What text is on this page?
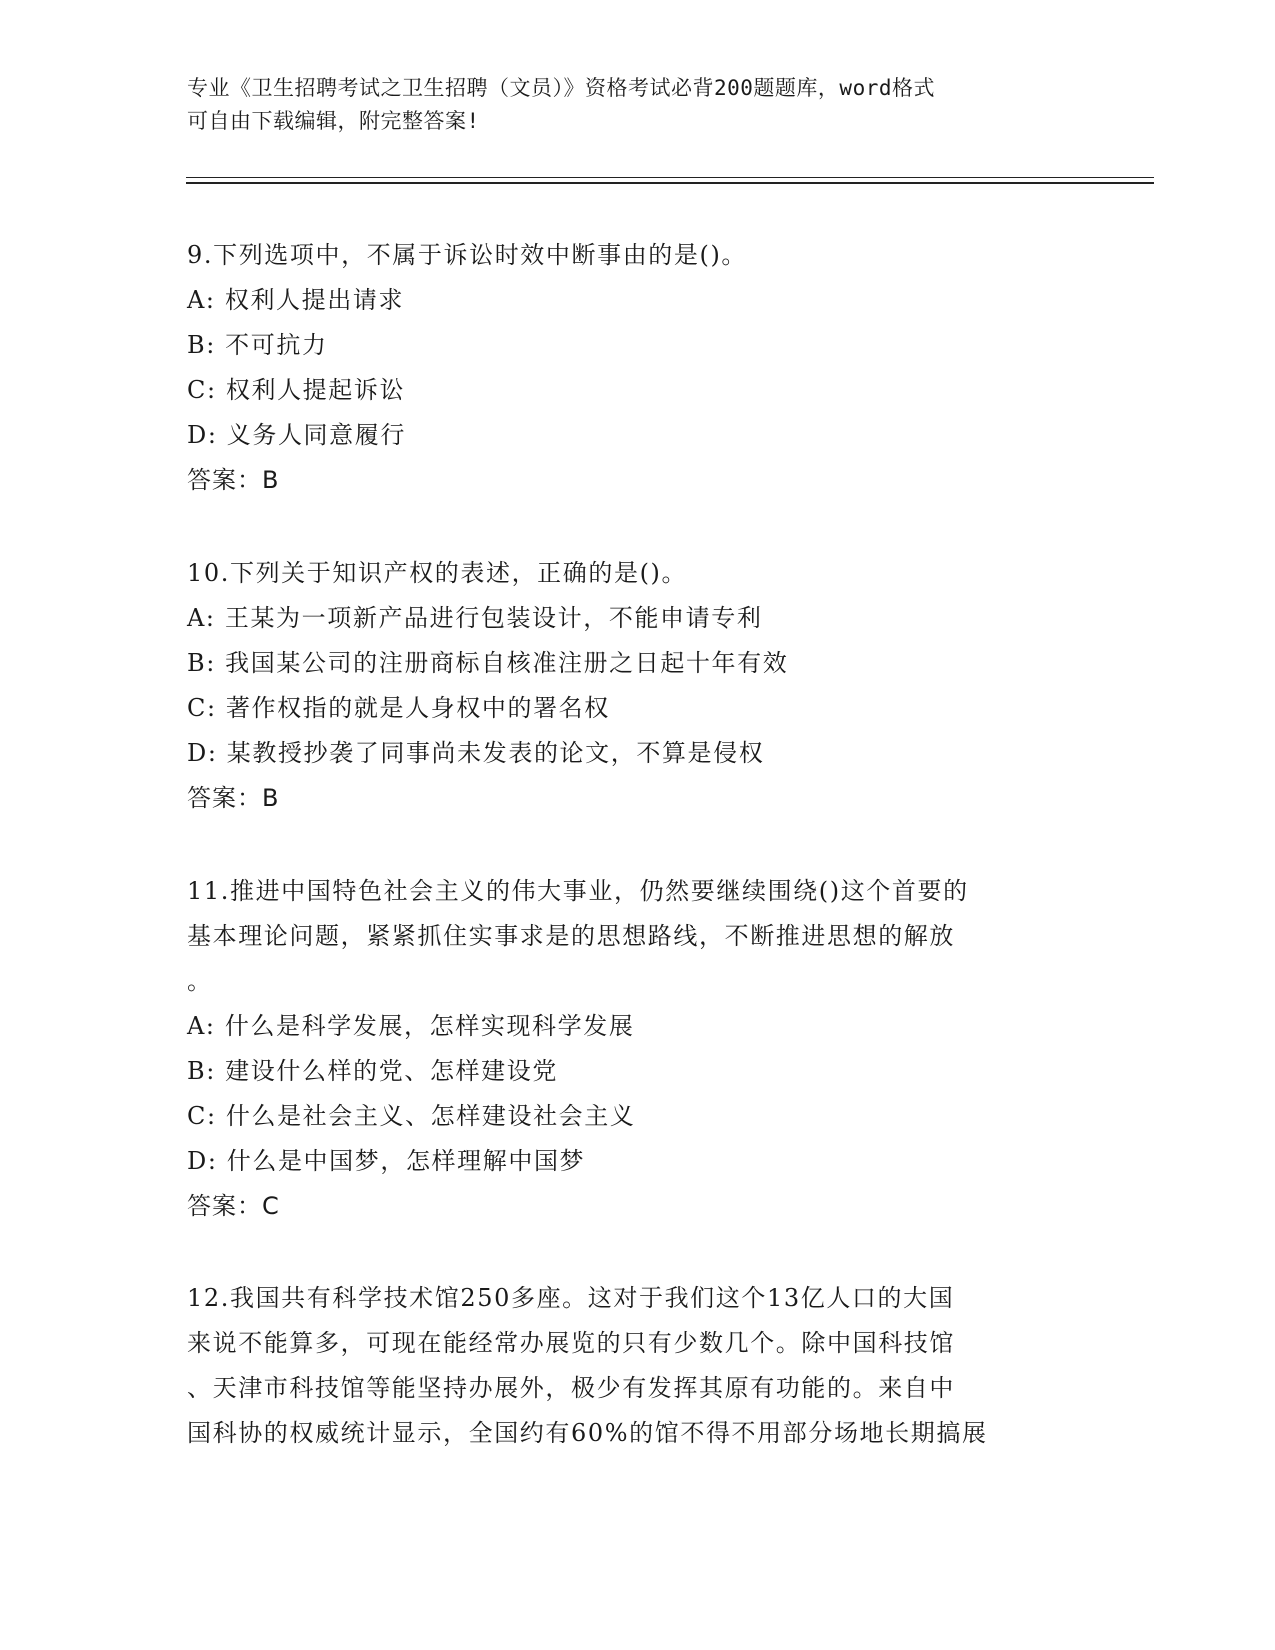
专业《卫生招聘考试之卫生招聘（文员）》资格考试必背200题题库，word格式
可自由下载编辑，附完整答案!

9.下列选项中，不属于诉讼时效中断事由的是()。

A: 权利人提出请求

B: 不可抗力

C: 权利人提起诉讼

D: 义务人同意履行

答案：B

10.下列关于知识产权的表述，正确的是()。

A: 王某为一项新产品进行包装设计，不能申请专利

B: 我国某公司的注册商标自核准注册之日起十年有效

C: 著作权指的就是人身权中的署名权

D: 某教授抄袭了同事尚未发表的论文，不算是侵权

答案：B

11.推进中国特色社会主义的伟大事业，仍然要继续围绕()这个首要的

基本理论问题，紧紧抓住实事求是的思想路线，不断推进思想的解放

。

A: 什么是科学发展，怎样实现科学发展

B: 建设什么样的党、怎样建设党

C: 什么是社会主义、怎样建设社会主义

D: 什么是中国梦，怎样理解中国梦

答案：C

12.我国共有科学技术馆250多座。这对于我们这个13亿人口的大国

来说不能算多，可现在能经常办展览的只有少数几个。除中国科技馆

、天津市科技馆等能坚持办展外，极少有发挥其原有功能的。来自中

国科协的权威统计显示，全国约有60%的馆不得不用部分场地长期搞展
